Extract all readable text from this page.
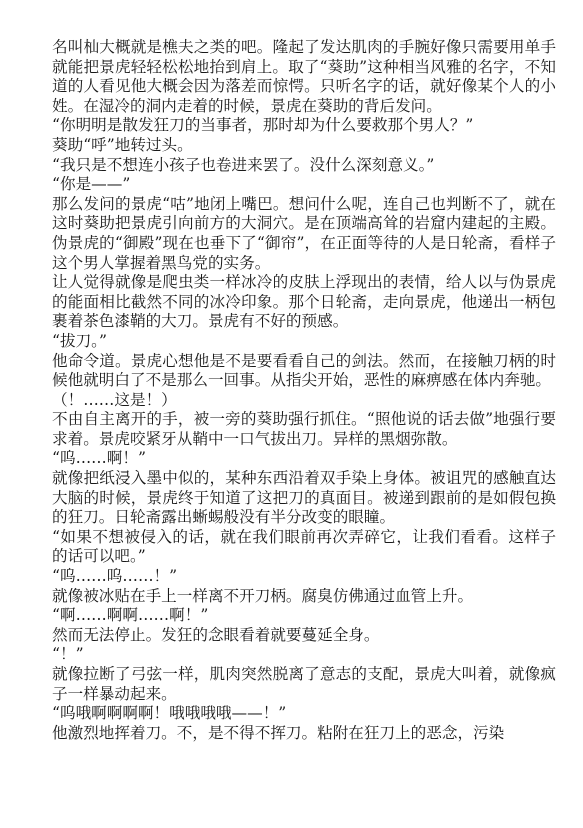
名叫杣大概就是樵夫之类的吧。隆起了发达肌肉的手腕好像只需要用单手就能把景虎轻轻松松地抬到肩上。取了“葵助”这种相当风雅的名字，不知道的人看见他大概会因为落差而惊愕。只听名字的话，就好像某个人的小姓。在湿冷的洞内走着的时候，景虎在葵助的背后发问。

“你明明是散发狂刀的当事者，那时却为什么要救那个男人？”

葵助“呼”地转过头。

“我只是不想连小孩子也卷进来罢了。没什么深刻意义。”

“你是——”

那么发问的景虎“咕”地闭上嘴巴。想问什么呢，连自己也判断不了，就在这时葵助把景虎引向前方的大洞穴。是在顶端高耸的岩窟内建起的主殿。伪景虎的“御殿”现在也垂下了“御帘”，在正面等待的人是日轮斋，看样子这个男人掌握着黑鸟党的实务。

让人觉得就像是爬虫类一样冰冷的皮肤上浮现出的表情，给人以与伪景虎的能面相比截然不同的冰冷印象。那个日轮斋，走向景虎，他递出一柄包裹着茶色漆鞘的大刀。景虎有不好的预感。

“拔刀。”

他命令道。景虎心想他是不是要看看自己的剑法。然而，在接触刀柄的时候他就明白了不是那么一回事。从指尖开始，恶性的麻痹感在体内奔驰。

（！……这是！）

不由自主离开的手，被一旁的葵助强行抓住。“照他说的话去做”地强行要求着。景虎咬紧牙从鞘中一口气拔出刀。异样的黑烟弥散。

“呜……啊！”

就像把纸浸入墨中似的，某种东西沿着双手染上身体。被诅咒的感触直达大脑的时候，景虎终于知道了这把刀的真面目。被递到跟前的是如假包换的狂刀。日轮斋露出蜥蜴般没有半分改变的眼瞳。

“如果不想被侵入的话，就在我们眼前再次弄碎它，让我们看看。这样子的话可以吧。”

“呜……呜……！”

就像被冰贴在手上一样离不开刀柄。腐臭仿佛通过血管上升。

“啊……啊啊……啊！”

然而无法停止。发狂的念眼看着就要蔓延全身。

“！”

就像拉断了弓弦一样，肌肉突然脱离了意志的支配，景虎大叫着，就像疯子一样暴动起来。

“呜哦啊啊啊啊！哦哦哦哦——！”

他激烈地挥着刀。不，是不得不挥刀。粘附在狂刀上的恶念，污染
